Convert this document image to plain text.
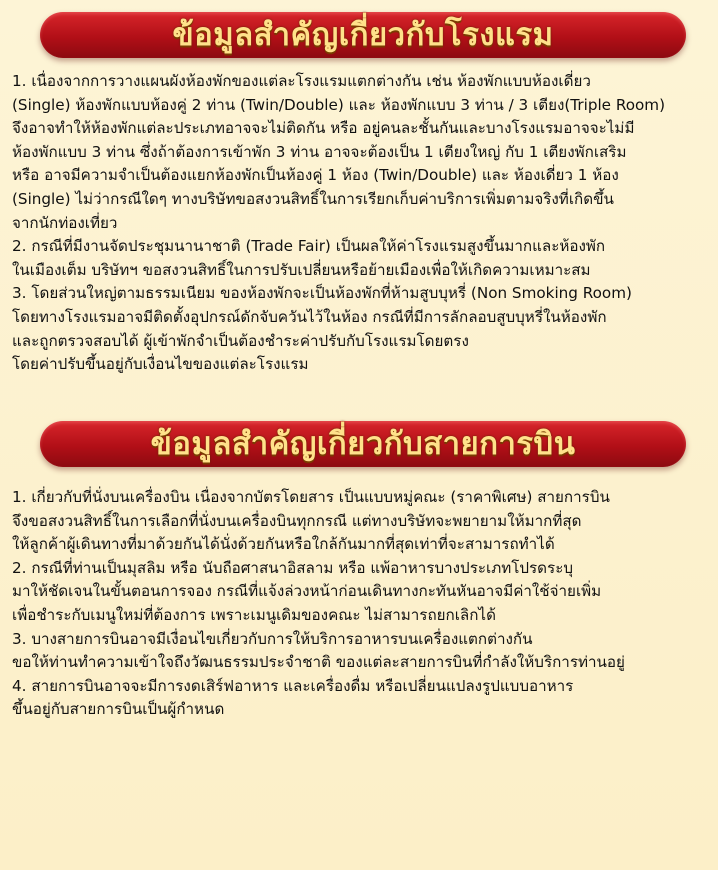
ข้อมูลสำคัญเกี่ยวกับโรงแรม
1. เนื่องจากการวางแผนผังห้องพักของแต่ละโรงแรมแตกต่างกัน เช่น ห้องพักแบบห้องเดี่ยว
(Single) ห้องพักแบบห้องคู่ 2 ท่าน (Twin/Double) และ ห้องพักแบบ 3 ท่าน / 3 เตียง(Triple Room)
จึงอาจทำให้ห้องพักแต่ละประเภทอาจจะไม่ติดกัน หรือ อยู่คนละชั้นกันและบางโรงแรมอาจจะไม่มี
ห้องพักแบบ 3 ท่าน ซึ่งถ้าต้องการเข้าพัก 3 ท่าน อาจจะต้องเป็น 1 เตียงใหญ่ กับ 1 เตียงพักเสริม
หรือ อาจมีความจำเป็นต้องแยกห้องพักเป็นห้องคู่ 1 ห้อง (Twin/Double) และ ห้องเดี่ยว 1 ห้อง
(Single) ไม่ว่ากรณีใดๆ ทางบริษัทขอสงวนสิทธิ์ในการเรียกเก็บค่าบริการเพิ่มตามจริงที่เกิดขึ้น
จากนักท่องเที่ยว
2. กรณีที่มีงานจัดประชุมนานาชาติ (Trade Fair) เป็นผลให้ค่าโรงแรมสูงขึ้นมากและห้องพัก
ในเมืองเต็ม บริษัทฯ ขอสงวนสิทธิ์ในการปรับเปลี่ยนหรือย้ายเมืองเพื่อให้เกิดความเหมาะสม
3. โดยส่วนใหญ่ตามธรรมเนียม ของห้องพักจะเป็นห้องพักที่ห้ามสูบบุหรี่ (Non Smoking Room)
โดยทางโรงแรมอาจมีติดตั้งอุปกรณ์ดักจับควันไว้ในห้อง กรณีที่มีการลักลอบสูบบุหรี่ในห้องพัก
และถูกตรวจสอบได้ ผู้เข้าพักจำเป็นต้องชำระค่าปรับกับโรงแรมโดยตรง
โดยค่าปรับขึ้นอยู่กับเงื่อนไขของแต่ละโรงแรม
ข้อมูลสำคัญเกี่ยวกับสายการบิน
1. เกี่ยวกับที่นั่งบนเครื่องบิน เนื่องจากบัตรโดยสาร เป็นแบบหมู่คณะ (ราคาพิเศษ) สายการบิน
จึงขอสงวนสิทธิ์ในการเลือกที่นั่งบนเครื่องบินทุกกรณี แต่ทางบริษัทจะพยายามให้มากที่สุด
ให้ลูกค้าผู้เดินทางที่มาด้วยกันได้นั่งด้วยกันหรือใกล้กันมากที่สุดเท่าที่จะสามารถทำได้
2. กรณีที่ท่านเป็นมุสลิม หรือ นับถือศาสนาอิสลาม หรือ แพ้อาหารบางประเภทโปรดระบุ
มาให้ชัดเจนในขั้นตอนการจอง กรณีที่แจ้งล่วงหน้าก่อนเดินทางกะทันหันอาจมีค่าใช้จ่ายเพิ่ม
เพื่อชำระกับเมนูใหม่ที่ต้องการ เพราะเมนูเดิมของคณะ ไม่สามารถยกเลิกได้
3. บางสายการบินอาจมีเงื่อนไขเกี่ยวกับการให้บริการอาหารบนเครื่องแตกต่างกัน
ขอให้ท่านทำความเข้าใจถึงวัฒนธรรมประจำชาติ ของแต่ละสายการบินที่กำลังให้บริการท่านอยู่
4. สายการบินอาจจะมีการงดเสิร์ฟอาหาร และเครื่องดื่ม หรือเปลี่ยนแปลงรูปแบบอาหาร
ขึ้นอยู่กับสายการบินเป็นผู้กำหนด
